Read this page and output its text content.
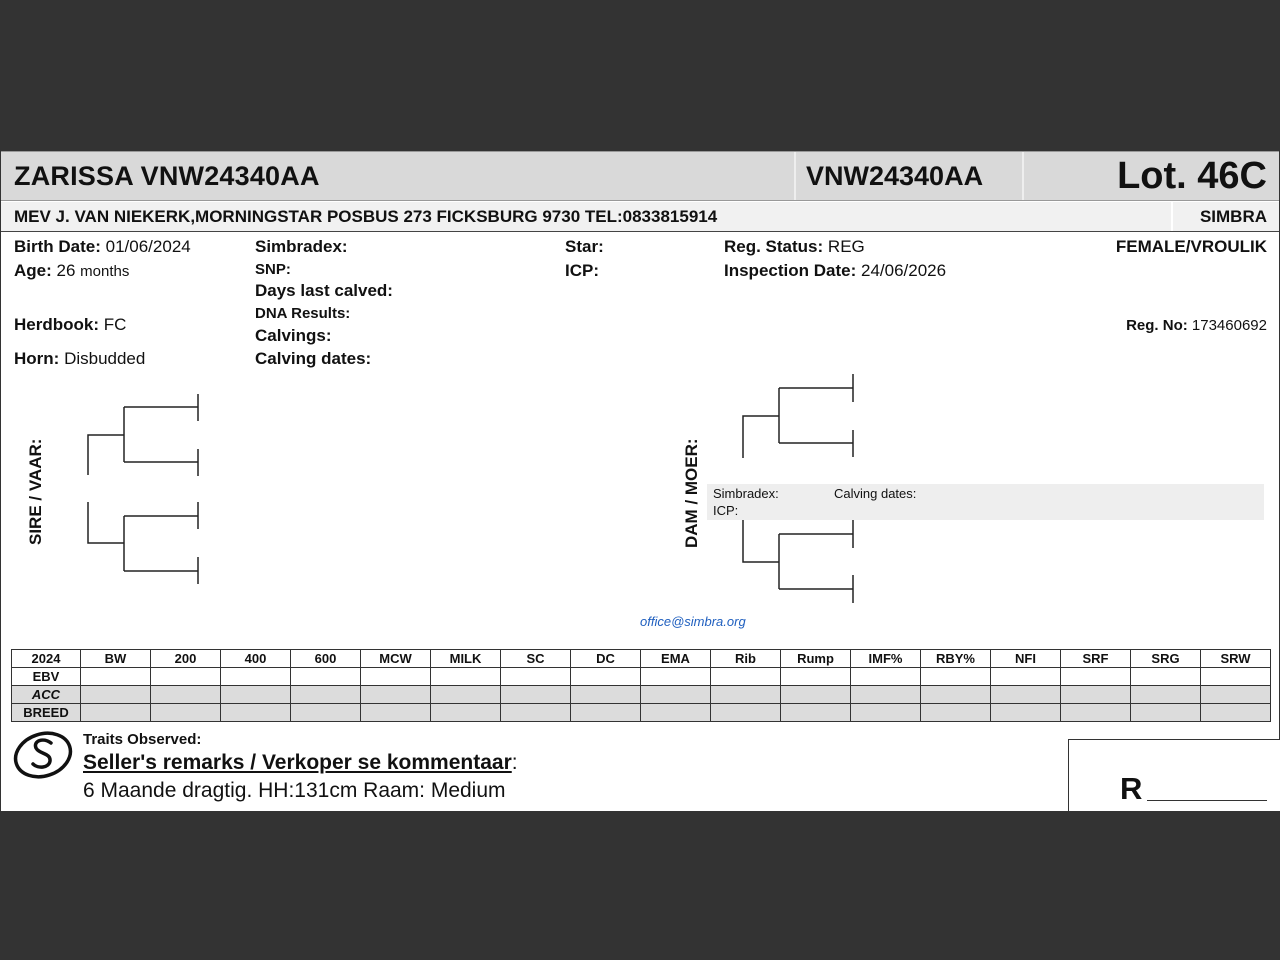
ZARISSA VNW24340AA	VNW24340AA	Lot. 46C
MEV J. VAN NIEKERK,MORNINGSTAR POSBUS 273 FICKSBURG 9730 TEL:0833815914	SIMBRA
Birth Date: 01/06/2024
Age: 26 months
Herdbook: FC
Horn: Disbudded
Simbradex:
SNP:
Days last calved:
DNA Results:
Calvings:
Calving dates:
Star:
ICP:
Reg. Status: REG
Inspection Date: 24/06/2026
FEMALE/VROULIK
Reg. No: 173460692
SIRE / VAAR:	DAM / MOER: Simbradex:	Calving dates:
ICP:
office@simbra.org
2024	BW	200	400	600	MCW	MILK	SC	DC	EMA	Rib	Rump	IMF%	RBY%	NFI	SRF	SRG	SRW
EBV																	
ACC																	
BREED																	
Traits Observed:
Seller's remarks / Verkoper se kommentaar:
6 Maande dragtig. HH:131cm Raam: Medium	R
